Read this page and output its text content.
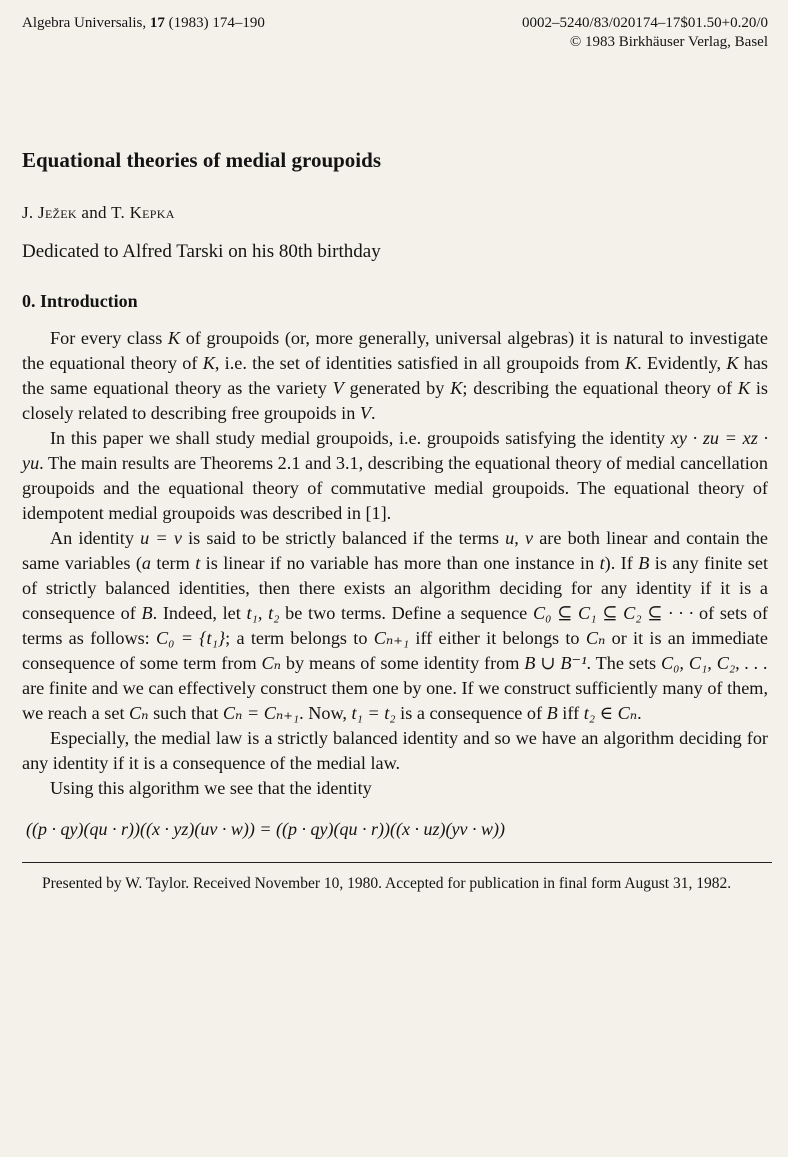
Algebra Universalis, 17 (1983) 174–190	0002–5240/83/020174–17$01.50+0.20/0
© 1983 Birkhäuser Verlag, Basel
Equational theories of medial groupoids
J. Ježek and T. Kepka
Dedicated to Alfred Tarski on his 80th birthday
0. Introduction

For every class K of groupoids (or, more generally, universal algebras) it is natural to investigate the equational theory of K, i.e. the set of identities satisfied in all groupoids from K. Evidently, K has the same equational theory as the variety V generated by K; describing the equational theory of K is closely related to describing free groupoids in V.

In this paper we shall study medial groupoids, i.e. groupoids satisfying the identity xy · zu = xz · yu. The main results are Theorems 2.1 and 3.1, describing the equational theory of medial cancellation groupoids and the equational theory of commutative medial groupoids. The equational theory of idempotent medial groupoids was described in [1].

An identity u = v is said to be strictly balanced if the terms u, v are both linear and contain the same variables (a term t is linear if no variable has more than one instance in t). If B is any finite set of strictly balanced identities, then there exists an algorithm deciding for any identity if it is a consequence of B. Indeed, let t₁, t₂ be two terms. Define a sequence C₀ ⊆ C₁ ⊆ C₂ ⊆ · · · of sets of terms as follows: C₀ = {t₁}; a term belongs to Cₙ₊₁ iff either it belongs to Cₙ or it is an immediate consequence of some term from Cₙ by means of some identity from B ∪ B⁻¹. The sets C₀, C₁, C₂, . . . are finite and we can effectively construct them one by one. If we construct sufficiently many of them, we reach a set Cₙ such that Cₙ = Cₙ₊₁. Now, t₁ = t₂ is a consequence of B iff t₂ ∈ Cₙ.

Especially, the medial law is a strictly balanced identity and so we have an algorithm deciding for any identity if it is a consequence of the medial law.

Using this algorithm we see that the identity

((p · qy)(qu · r))((x · yz)(uv · w)) = ((p · qy)(qu · r))((x · uz)(yv · w))
Presented by W. Taylor. Received November 10, 1980. Accepted for publication in final form August 31, 1982.
